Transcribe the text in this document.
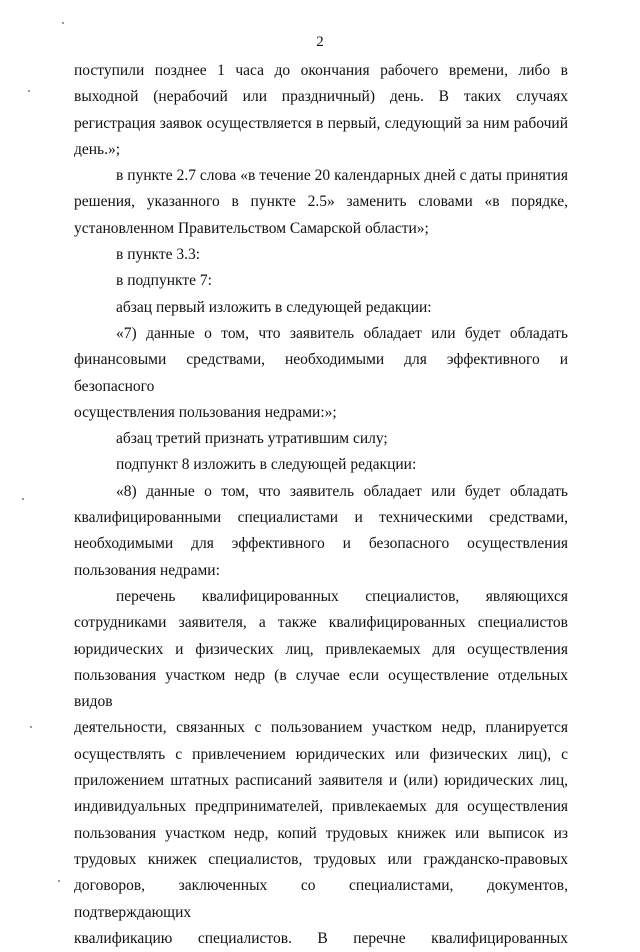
2
поступили позднее 1 часа до окончания рабочего времени, либо в
выходной (нерабочий или праздничный) день. В таких случаях
регистрация заявок осуществляется в первый, следующий за ним рабочий
день.»;
в пункте 2.7 слова «в течение 20 календарных дней с даты принятия
решения, указанного в пункте 2.5» заменить словами «в порядке,
установленном Правительством Самарской области»;
в пункте 3.3:
в подпункте 7:
абзац первый изложить в следующей редакции:
«7) данные о том, что заявитель обладает или будет обладать
финансовыми средствами, необходимыми для эффективного и безопасного
осуществления пользования недрами:»;
абзац третий признать утратившим силу;
подпункт 8 изложить в следующей редакции:
«8) данные о том, что заявитель обладает или будет обладать
квалифицированными специалистами и техническими средствами,
необходимыми для эффективного и безопасного осуществления
пользования недрами:
перечень квалифицированных специалистов, являющихся
сотрудниками заявителя, а также квалифицированных специалистов
юридических и физических лиц, привлекаемых для осуществления
пользования участком недр (в случае если осуществление отдельных видов
деятельности, связанных с пользованием участком недр, планируется
осуществлять с привлечением юридических или физических лиц), с
приложением штатных расписаний заявителя и (или) юридических лиц,
индивидуальных предпринимателей, привлекаемых для осуществления
пользования участком недр, копий трудовых книжек или выписок из
трудовых книжек специалистов, трудовых или гражданско-правовых
договоров, заключенных со специалистами, документов, подтверждающих
квалификацию специалистов. В перечне квалифицированных
